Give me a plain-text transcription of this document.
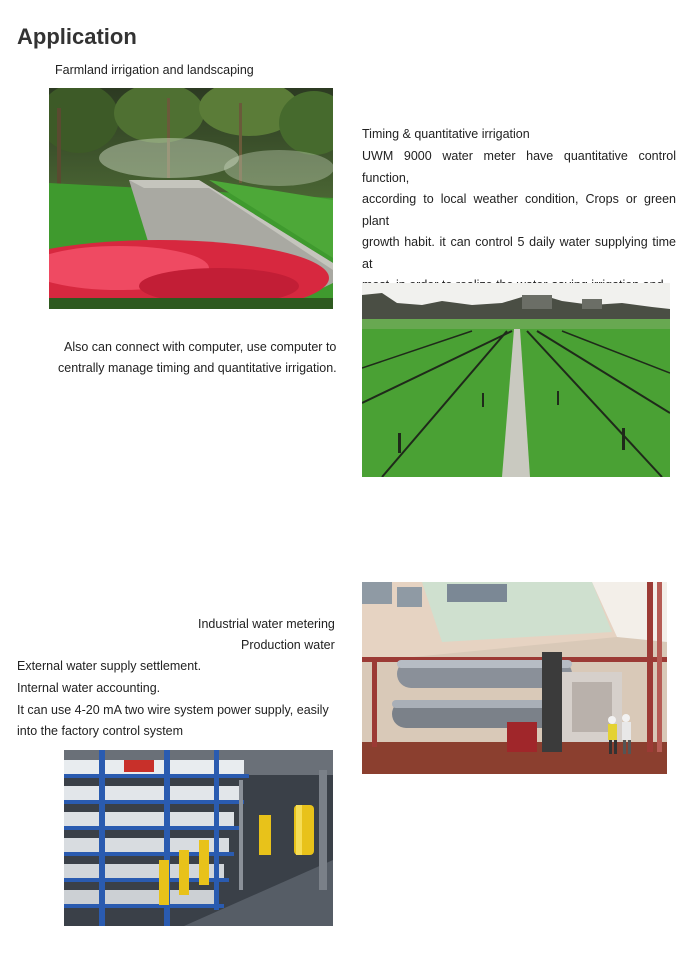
Application
Farmland irrigation and landscaping
Also can connect with computer, use computer to
centrally manage timing and quantitative irrigation.
Timing & quantitative irrigation
UWM 9000 water meter have quantitative control function,
according to local weather condition, Crops or green plant
growth habit. it can control 5 daily water supplying time at
Industrial water metering
Production water
External water supply settlement.
Internal water accounting.
It can use 4-20 mA two wire system power supply, easily
into the factory control system
